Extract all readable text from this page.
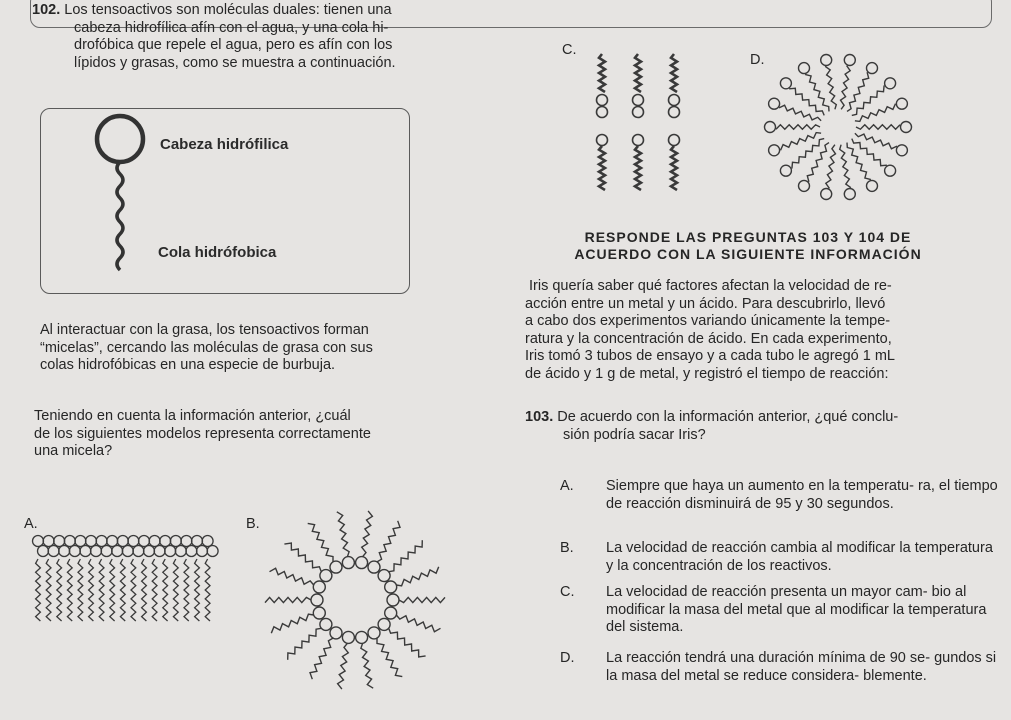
102. Los tensoactivos son moléculas duales: tienen una

cabeza hidrofílica afín con el agua, y una cola hi-

drofóbica que repele el agua, pero es afín con los

lípidos y grasas, como se muestra a continuación.

Cabeza hidrófilica
Cola hidrófobica

Al interactuar con la grasa, los tensoactivos forman

“micelas”, cercando las moléculas de grasa con sus

colas hidrofóbicas en una especie de burbuja.

Teniendo en cuenta la información anterior, ¿cuál

de los siguientes modelos representa correctamente

una micela?

A.	B.
C.
D.
RESPONDE LAS PREGUNTAS 103 Y 104 DE
ACUERDO CON LA SIGUIENTE INFORMACIÓN

Iris quería saber qué factores afectan la velocidad de re-

acción entre un metal y un ácido. Para descubrirlo, llevó

a cabo dos experimentos variando únicamente la tempe-

ratura y la concentración de ácido. En cada experimento,

Iris tomó 3 tubos de ensayo y a cada tubo le agregó 1 mL

de ácido y 1 g de metal, y registró el tiempo de reacción:

103. De acuerdo con la información anterior, ¿qué conclu-

sión podría sacar Iris?

A.	Siempre que haya un aumento en la temperatu- ra, el tiempo de reacción disminuirá de 95 y 30 segundos.
B.	La velocidad de reacción cambia al modificar la temperatura y la concentración de los reactivos.
C.	La velocidad de reacción presenta un mayor cam- bio al modificar la masa del metal que al modificar la temperatura del sistema.
D.	La reacción tendrá una duración mínima de 90 se- gundos si la masa del metal se reduce considera- blemente.
